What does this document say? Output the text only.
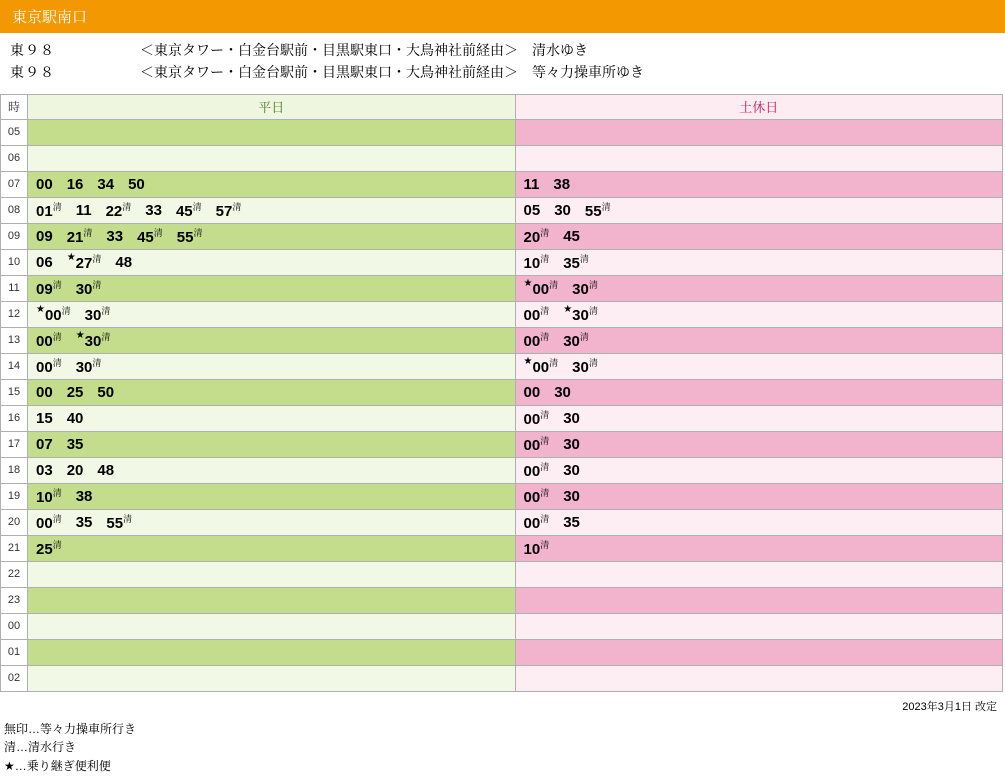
東京駅南口
東９８	＜東京タワー・白金台駅前・目黒駅東口・大鳥神社前経由＞　清水ゆき
東９８	＜東京タワー・白金台駅前・目黒駅東口・大鳥神社前経由＞　等々力操車所ゆき
時	平日	土休日
05	

06	

07	00 16 34 50	11 38

08	$01^清$ 11 $22^清$ 33 $45^清$ $57^清$	05 30 $55^清$

09	09 $21^清$ 33 $45^清$ $55^清$	$20^清$ 45

10	06 $^★27^清$ 48	$10^清$ $35^清$

11	$09^清$ $30^清$	$^★00^清$ $30^清$

12	$^★00^清$ $30^清$	$00^清$ $^★30^清$

13	$00^清$ $^★30^清$	$00^清$ $30^清$

14	$00^清$ $30^清$	$^★00^清$ $30^清$

15	00 25 50	00 30

16	15 40	$00^清$ 30

17	07 35	$00^清$ 30

18	03 20 48	$00^清$ 30

19	$10^清$ 38	$00^清$ 30

20	$00^清$ 35 $55^清$	$00^清$ 35

21	$25^清$	$10^清$

22	

23	

00	

01	

02	

2023年3月1日 改定
無印…等々力操車所行き
清…清水行き
★…乗り継ぎ便利便
